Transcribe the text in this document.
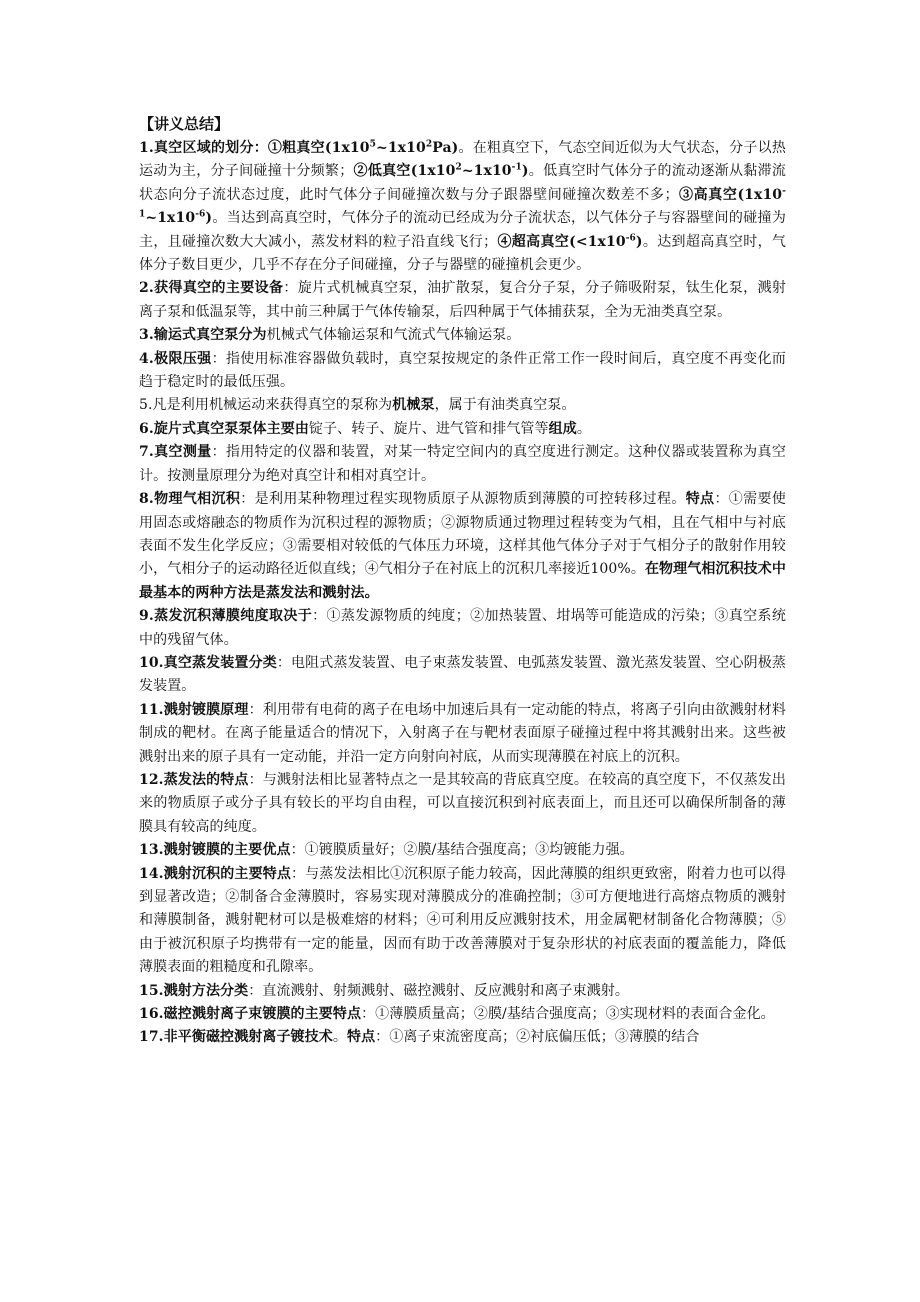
【讲义总结】

1.真空区域的划分：①粗真空$(1x10^5\sim 1x10^2Pa)$。在粗真空下，气态空间近似为大气状态，分子以热运动为主，分子间碰撞十分频繁；②低真空$(1x10^2\sim 1x10^{-1})$。低真空时气体分子的流动逐渐从黏滞流状态向分子流状态过度，此时气体分子间碰撞次数与分子跟器壁间碰撞次数差不多；③高真空$(1x10^{-1}\sim 1x10^{-6})$。当达到高真空时，气体分子的流动已经成为分子流状态，以气体分子与容器壁间的碰撞为主，且碰撞次数大大减小，蒸发材料的粒子沿直线飞行；④超高真空$(<1x10^{-6})$。达到超高真空时，气体分子数目更少，几乎不存在分子间碰撞，分子与器壁的碰撞机会更少。

2.获得真空的主要设备：旋片式机械真空泵，油扩散泵，复合分子泵，分子筛吸附泵，钛生化泵，溅射离子泵和低温泵等，其中前三种属于气体传输泵，后四种属于气体捕获泵，全为无油类真空泵。

3.输运式真空泵分为机械式气体输运泵和气流式气体输运泵。

4.极限压强：指使用标准容器做负载时，真空泵按规定的条件正常工作一段时间后，真空度不再变化而趋于稳定时的最低压强。

5.凡是利用机械运动来获得真空的泵称为机械泵，属于有油类真空泵。

6.旋片式真空泵泵体主要由锭子、转子、旋片、进气管和排气管等组成。

7.真空测量：指用特定的仪器和装置，对某一特定空间内的真空度进行测定。这种仪器或装置称为真空计。按测量原理分为绝对真空计和相对真空计。

8.物理气相沉积：是利用某种物理过程实现物质原子从源物质到薄膜的可控转移过程。特点：①需要使用固态或熔融态的物质作为沉积过程的源物质；②源物质通过物理过程转变为气相，且在气相中与衬底表面不发生化学反应；③需要相对较低的气体压力环境，这样其他气体分子对于气相分子的散射作用较小，气相分子的运动路径近似直线；④气相分子在衬底上的沉积几率接近100%。在物理气相沉积技术中最基本的两种方法是蒸发法和溅射法。

9.蒸发沉积薄膜纯度取决于：①蒸发源物质的纯度；②加热装置、坩埚等可能造成的污染；③真空系统中的残留气体。

10.真空蒸发装置分类：电阻式蒸发装置、电子束蒸发装置、电弧蒸发装置、激光蒸发装置、空心阴极蒸发装置。

11.溅射镀膜原理：利用带有电荷的离子在电场中加速后具有一定动能的特点，将离子引向由欲溅射材料制成的靶材。在离子能量适合的情况下，入射离子在与靶材表面原子碰撞过程中将其溅射出来。这些被溅射出来的原子具有一定动能，并沿一定方向射向衬底，从而实现薄膜在衬底上的沉积。

12.蒸发法的特点：与溅射法相比显著特点之一是其较高的背底真空度。在较高的真空度下，不仅蒸发出来的物质原子或分子具有较长的平均自由程，可以直接沉积到衬底表面上，而且还可以确保所制备的薄膜具有较高的纯度。

13.溅射镀膜的主要优点：①镀膜质量好；②膜/基结合强度高；③均镀能力强。

14.溅射沉积的主要特点：与蒸发法相比①沉积原子能力较高，因此薄膜的组织更致密，附着力也可以得到显著改造；②制备合金薄膜时，容易实现对薄膜成分的准确控制；③可方便地进行高熔点物质的溅射和薄膜制备，溅射靶材可以是极难熔的材料；④可利用反应溅射技术，用金属靶材制备化合物薄膜；⑤由于被沉积原子均携带有一定的能量，因而有助于改善薄膜对于复杂形状的衬底表面的覆盖能力，降低薄膜表面的粗糙度和孔隙率。

15.溅射方法分类：直流溅射、射频溅射、磁控溅射、反应溅射和离子束溅射。

16.磁控溅射离子束镀膜的主要特点：①薄膜质量高；②膜/基结合强度高；③实现材料的表面合金化。

17.非平衡磁控溅射离子镀技术。特点：①离子束流密度高；②衬底偏压低；③薄膜的结合
